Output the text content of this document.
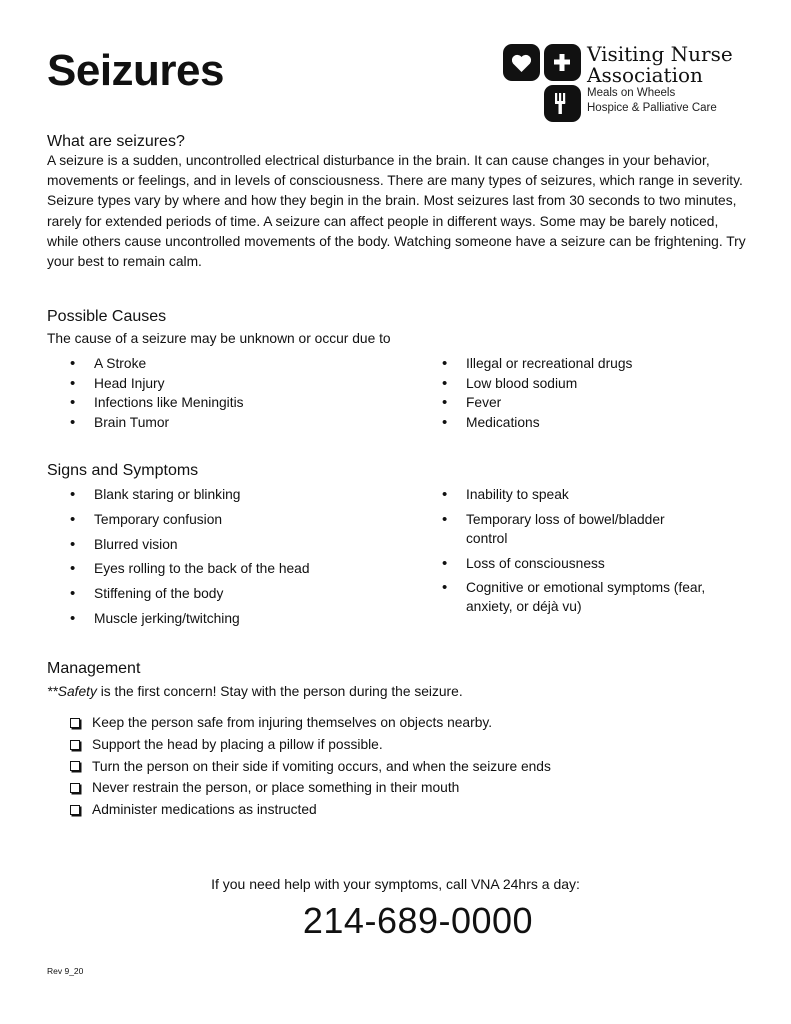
Seizures	Visiting Nurse
Association
Meals on Wheels
Hospice & Palliative Care
What are seizures?

A seizure is a sudden, uncontrolled electrical disturbance in the brain. It can cause changes in your behavior, movements or feelings, and in levels of consciousness. There are many types of seizures, which range in severity. Seizure types vary by where and how they begin in the brain. Most seizures last from 30 seconds to two minutes, rarely for extended periods of time. A seizure can affect people in different ways. Some may be barely noticed, while others cause uncontrolled movements of the body. Watching someone have a seizure can be frightening. Try your best to remain calm.

Possible Causes

The cause of a seizure may be unknown or occur due to

• A Stroke
• Head Injury
• Infections like Meningitis
• Brain Tumor
• Illegal or recreational drugs
• Low blood sodium
• Fever
• Medications
Signs and Symptoms
• Blank staring or blinking
• Temporary confusion
• Blurred vision
• Eyes rolling to the back of the head
• Stiffening of the body
• Muscle jerking/twitching
• Inability to speak
• Temporary loss of bowel/bladder control
• Loss of consciousness
• Cognitive or emotional symptoms (fear, anxiety, or déjà vu)
Management

**Safety is the first concern! Stay with the person during the seizure.

Keep the person safe from injuring themselves on objects nearby.
Support the head by placing a pillow if possible.
Turn the person on their side if vomiting occurs, and when the seizure ends
Never restrain the person, or place something in their mouth
Administer medications as instructed
If you need help with your symptoms, call VNA 24hrs a day:
214-689-0000
Rev 9_20
